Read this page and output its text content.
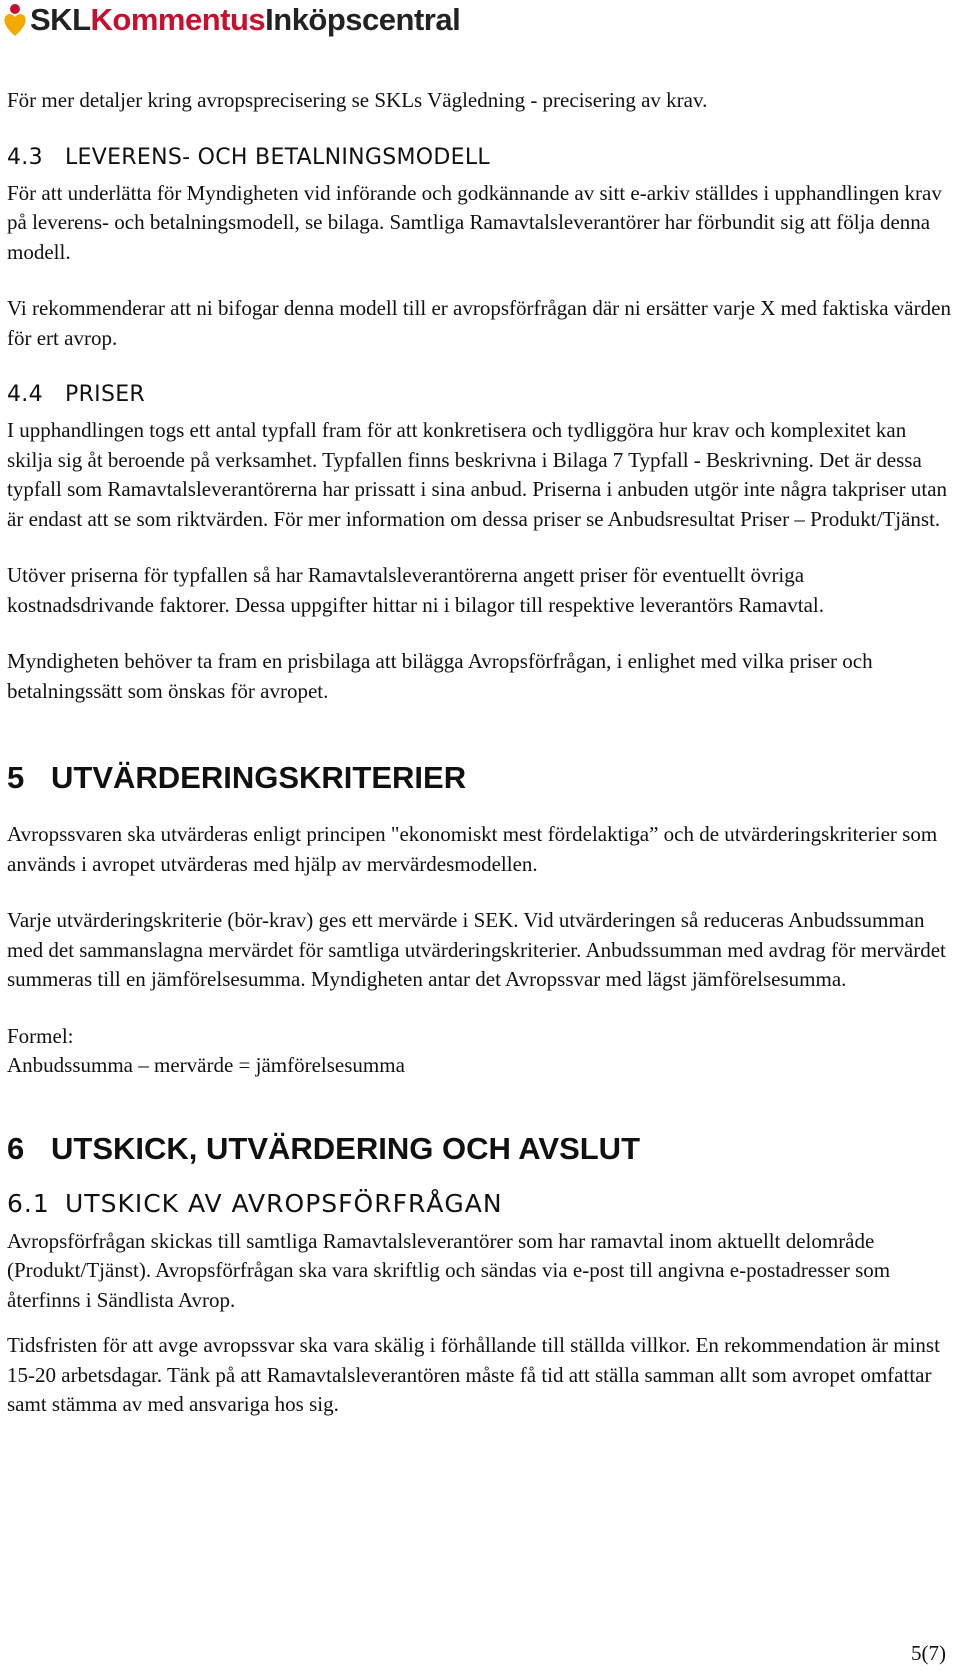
SKL Kommentus Inköpscentral

För mer detaljer kring avropsprecisering se SKLs Vägledning - precisering av krav.

4.3 LEVERENS- OCH BETALNINGSMODELL

För att underlätta för Myndigheten vid införande och godkännande av sitt e-arkiv ställdes i upphandlingen krav på leverens- och betalningsmodell, se bilaga. Samtliga Ramavtalsleverantörer har förbundit sig att följa denna modell.

Vi rekommenderar att ni bifogar denna modell till er avropsförfrågan där ni ersätter varje X med faktiska värden för ert avrop.

4.4 PRISER

I upphandlingen togs ett antal typfall fram för att konkretisera och tydliggöra hur krav och komplexitet kan skilja sig åt beroende på verksamhet. Typfallen finns beskrivna i Bilaga 7 Typfall - Beskrivning. Det är dessa typfall som Ramavtalsleverantörerna har prissatt i sina anbud. Priserna i anbuden utgör inte några takpriser utan är endast att se som riktvärden. För mer information om dessa priser se Anbudsresultat Priser – Produkt/Tjänst.

Utöver priserna för typfallen så har Ramavtalsleverantörerna angett priser för eventuellt övriga kostnadsdrivande faktorer. Dessa uppgifter hittar ni i bilagor till respektive leverantörs Ramavtal.

Myndigheten behöver ta fram en prisbilaga att bilägga Avropsförfrågan, i enlighet med vilka priser och betalningssätt som önskas för avropet.

5 UTVÄRDERINGSKRITERIER

Avropssvaren ska utvärderas enligt principen "ekonomiskt mest fördelaktiga” och de utvärderingskriterier som används i avropet utvärderas med hjälp av mervärdesmodellen.

Varje utvärderingskriterie (bör-krav) ges ett mervärde i SEK. Vid utvärderingen så reduceras Anbudssumman med det sammanslagna mervärdet för samtliga utvärderingskriterier. Anbudssumman med avdrag för mervärdet summeras till en jämförelsesumma. Myndigheten antar det Avropssvar med lägst jämförelsesumma.

Formel:

Anbudssumma – mervärde = jämförelsesumma

6 UTSKICK, UTVÄRDERING OCH AVSLUT
6.1 UTSKICK AV AVROPSFÖRFRÅGAN

Avropsförfrågan skickas till samtliga Ramavtalsleverantörer som har ramavtal inom aktuellt delområde (Produkt/Tjänst). Avropsförfrågan ska vara skriftlig och sändas via e-post till angivna e-postadresser som återfinns i Sändlista Avrop.

Tidsfristen för att avge avropssvar ska vara skälig i förhållande till ställda villkor. En rekommendation är minst 15-20 arbetsdagar. Tänk på att Ramavtalsleverantören måste få tid att ställa samman allt som avropet omfattar samt stämma av med ansvariga hos sig.

5(7)
